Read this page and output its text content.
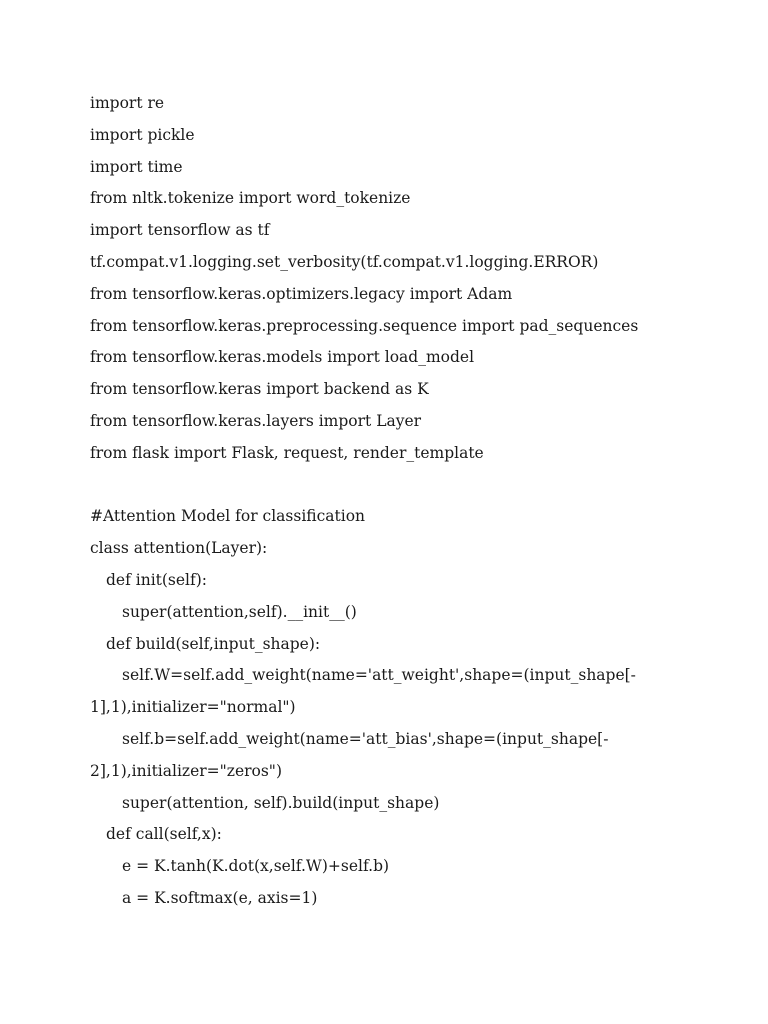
import re
import pickle
import time
from nltk.tokenize import word_tokenize
import tensorflow as tf
tf.compat.v1.logging.set_verbosity(tf.compat.v1.logging.ERROR)
from tensorflow.keras.optimizers.legacy import Adam
from tensorflow.keras.preprocessing.sequence import pad_sequences
from tensorflow.keras.models import load_model
from tensorflow.keras import backend as K
from tensorflow.keras.layers import Layer
from flask import Flask, request, render_template
#Attention Model for classification
class attention(Layer):
def init(self):
super(attention,self).__init__()
def build(self,input_shape):
self.W=self.add_weight(name='att_weight',shape=(input_shape[-
1],1),initializer="normal")
self.b=self.add_weight(name='att_bias',shape=(input_shape[-
2],1),initializer="zeros")
super(attention, self).build(input_shape)
def call(self,x):
e = K.tanh(K.dot(x,self.W)+self.b)
a = K.softmax(e, axis=1)
